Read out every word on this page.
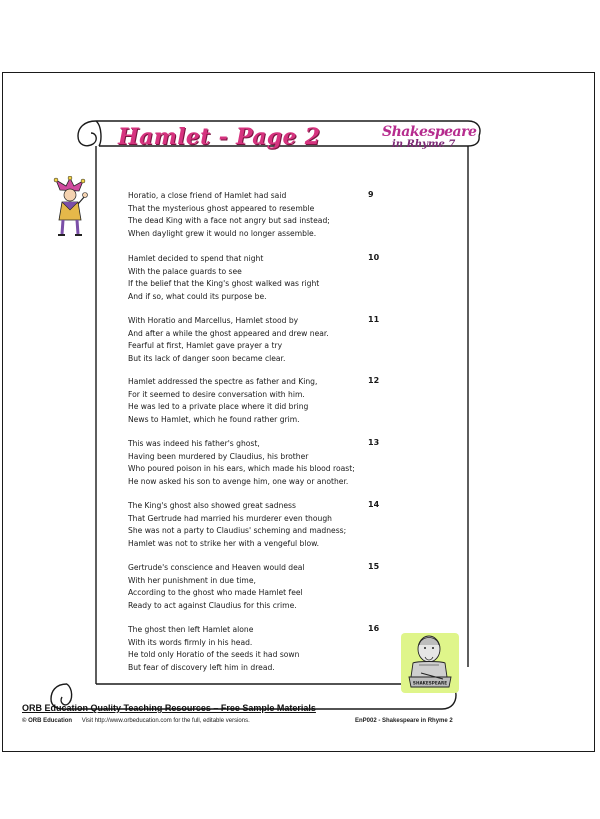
Hamlet - Page 2	Shakespeare
in Rhyme 7
Horatio, a close friend of Hamlet had said
That the mysterious ghost appeared to resemble
The dead King with a face not angry but sad instead;
When daylight grew it would no longer assemble.
9
Hamlet decided to spend that night
With the palace guards to see
If the belief that the King's ghost walked was right
And if so, what could its purpose be.
10
With Horatio and Marcellus, Hamlet stood by
And after a while the ghost appeared and drew near.
Fearful at first, Hamlet gave prayer a try
But its lack of danger soon became clear.
11
Hamlet addressed the spectre as father and King,
For it seemed to desire conversation with him.
He was led to a private place where it did bring
News to Hamlet, which he found rather grim.
12
This was indeed his father's ghost,
Having been murdered by Claudius, his brother
Who poured poison in his ears, which made his blood roast;
He now asked his son to avenge him, one way or another.
13
The King's ghost also showed great sadness
That Gertrude had married his murderer even though
She was not a party to Claudius' scheming and madness;
Hamlet was not to strike her with a vengeful blow.
14
Gertrude's conscience and Heaven would deal
With her punishment in due time,
According to the ghost who made Hamlet feel
Ready to act against Claudius for this crime.
15
The ghost then left Hamlet alone
With its words firmly in his head.
He told only Horatio of the seeds it had sown
But fear of discovery left him in dread.
16
SHAKESPEARE
ORB Education Quality Teaching Resources – Free Sample Materials
© ORB Education Visit http://www.orbeducation.com for the full, editable versions.	EnP002 - Shakespeare in Rhyme 2
